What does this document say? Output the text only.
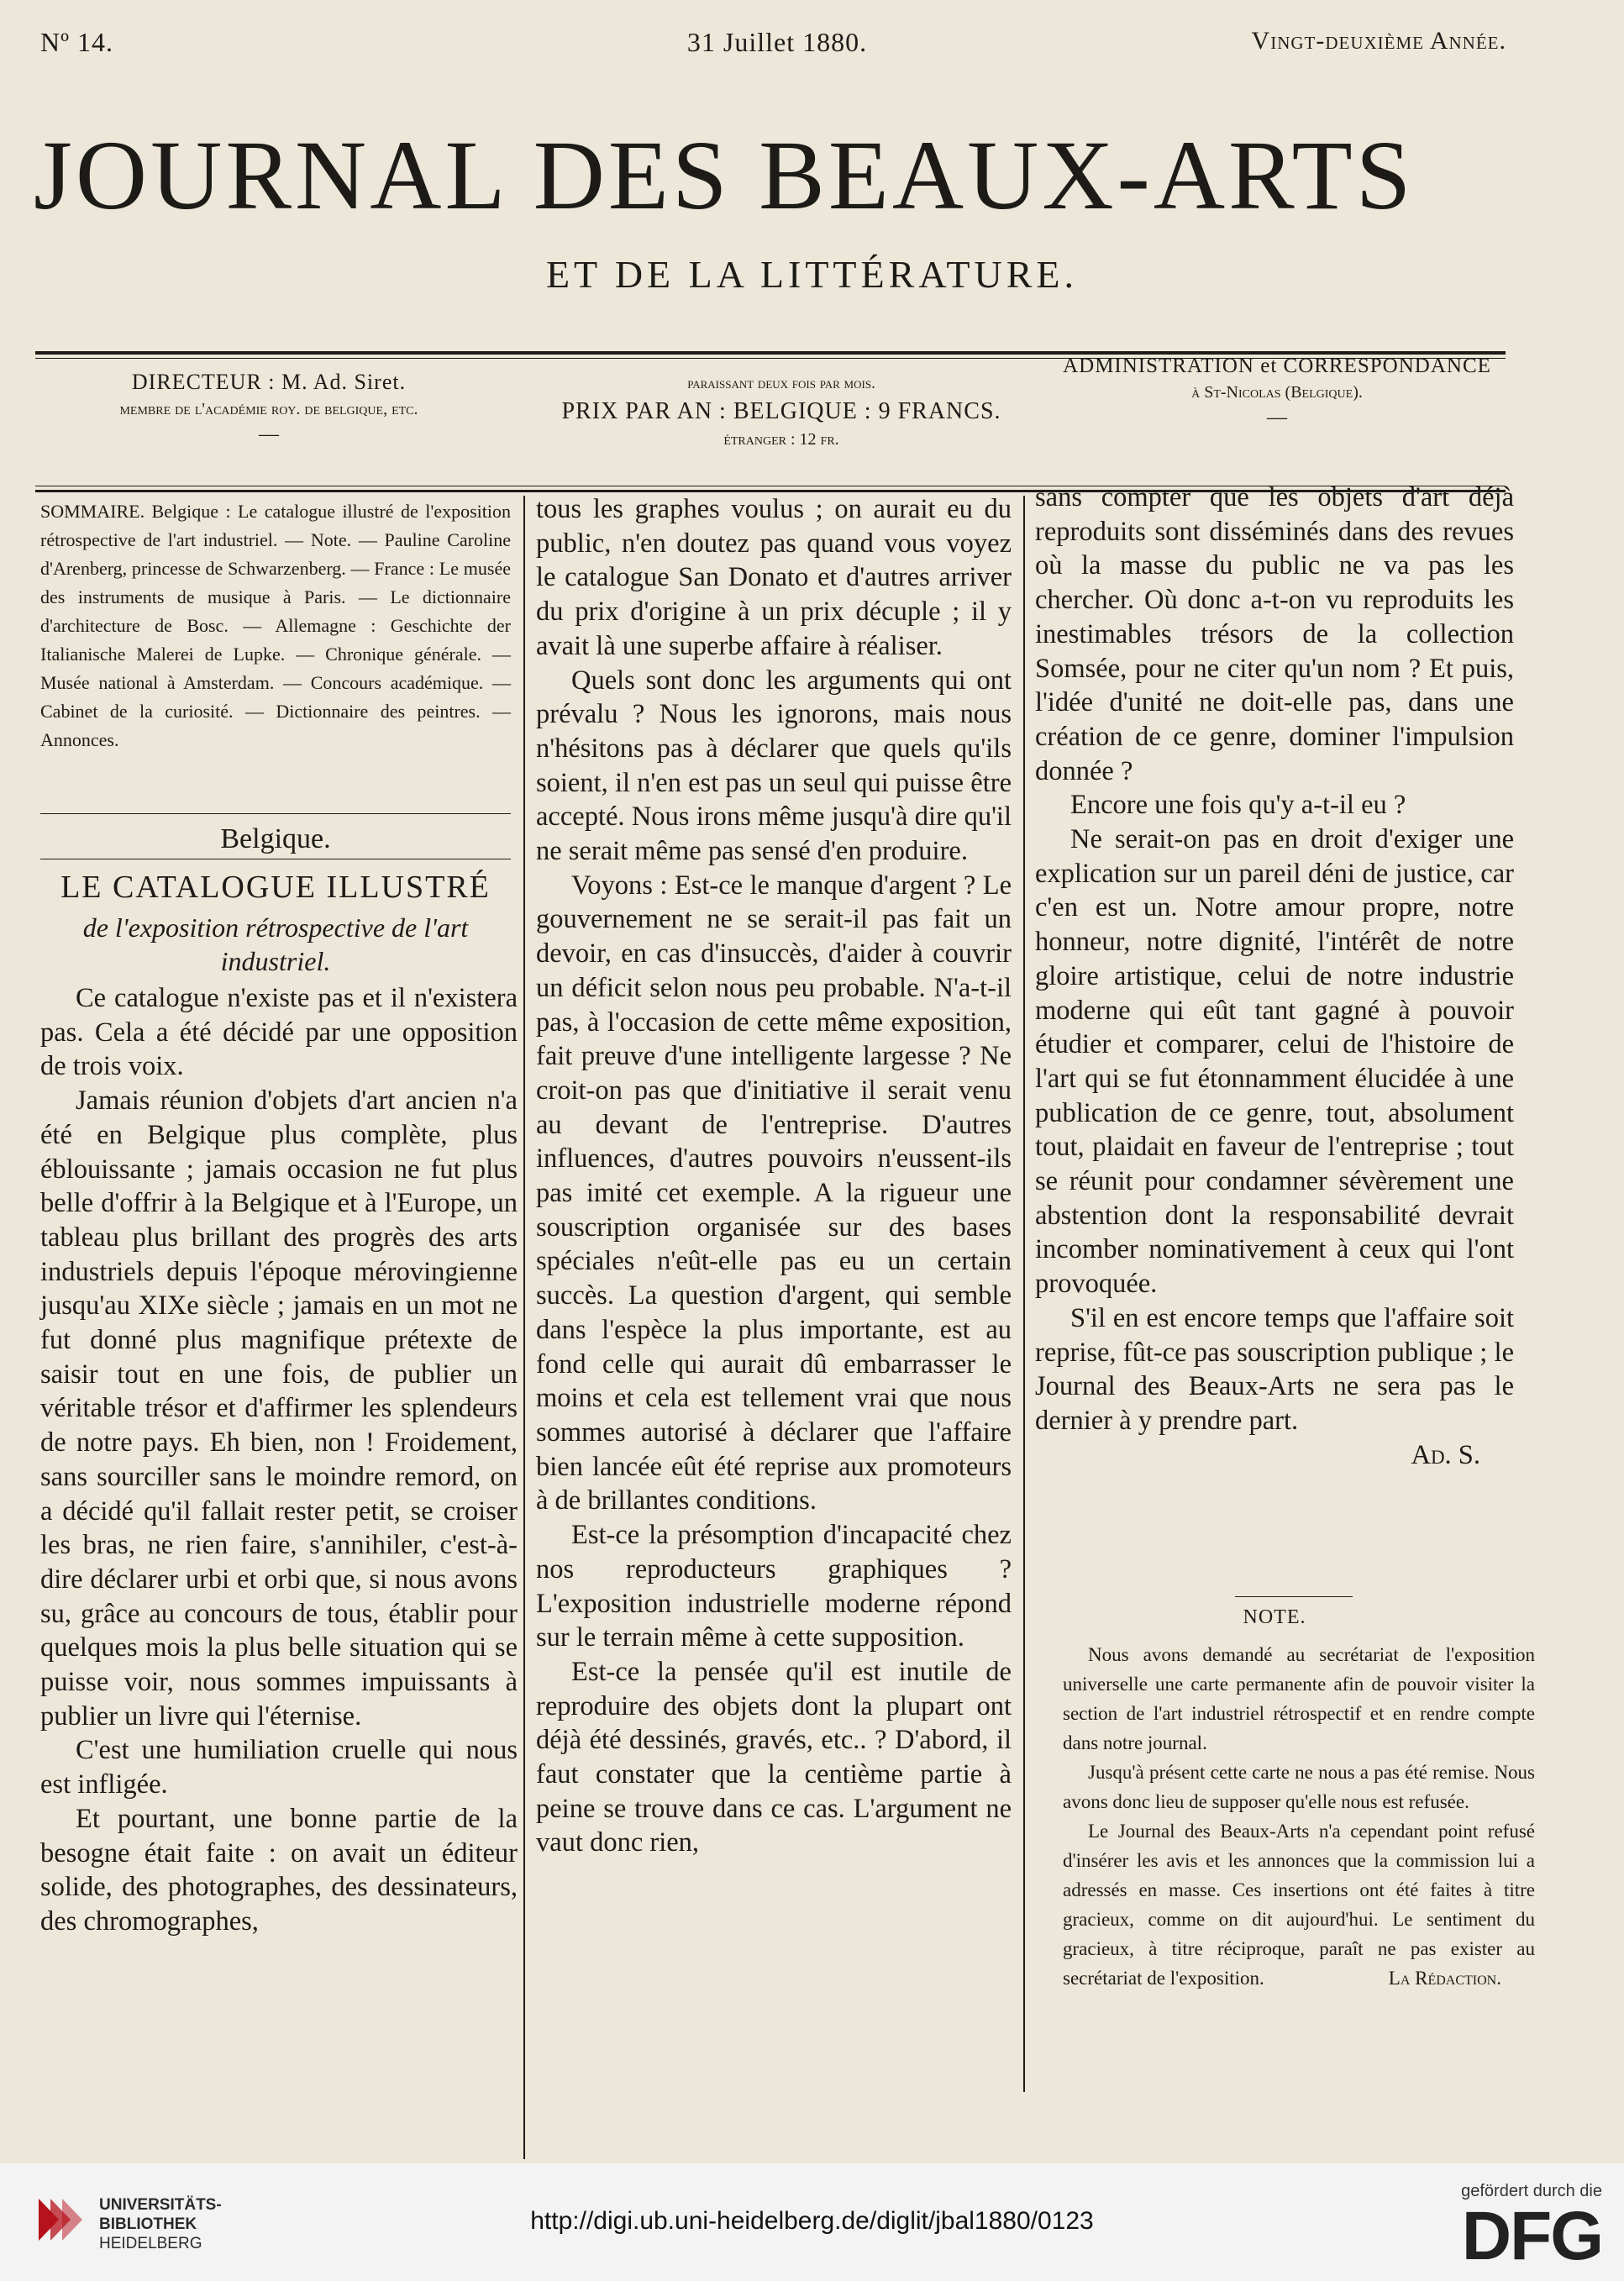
Nº 14.	31 Juillet 1880.	Vingt-deuxième Année.
JOURNAL DES BEAUX-ARTS
ET DE LA LITTÉRATURE.
DIRECTEUR : M. Ad. Siret.
membre de l'académie roy. de belgique, etc.
—
paraissant deux fois par mois.
PRIX PAR AN : BELGIQUE : 9 FRANCS.
étranger : 12 fr.
ADMINISTRATION et CORRESPONDANCE
à St-Nicolas (Belgique).
—
SOMMAIRE. Belgique : Le catalogue illustré de l'exposition rétrospective de l'art industriel. — Note. — Pauline Caroline d'Arenberg, princesse de Schwarzenberg. — France : Le musée des instruments de musique à Paris. — Le dictionnaire d'architecture de Bosc. — Allemagne : Geschichte der Italianische Malerei de Lupke. — Chronique générale. — Musée national à Amsterdam. — Concours académique. — Cabinet de la curiosité. — Dictionnaire des peintres. — Annonces.
Belgique.
LE CATALOGUE ILLUSTRÉ
de l'exposition rétrospective de l'art industriel.

Ce catalogue n'existe pas et il n'existera pas. Cela a été décidé par une opposition de trois voix.

Jamais réunion d'objets d'art ancien n'a été en Belgique plus complète, plus éblouissante ; jamais occasion ne fut plus belle d'offrir à la Belgique et à l'Europe, un tableau plus brillant des progrès des arts industriels depuis l'époque mérovingienne jusqu'au XIXe siècle ; jamais en un mot ne fut donné plus magnifique prétexte de saisir tout en une fois, de publier un véritable trésor et d'affirmer les splendeurs de notre pays. Eh bien, non ! Froidement, sans sourciller sans le moindre remord, on a décidé qu'il fallait rester petit, se croiser les bras, ne rien faire, s'annihiler, c'est-à-dire déclarer urbi et orbi que, si nous avons su, grâce au concours de tous, établir pour quelques mois la plus belle situation qui se puisse voir, nous sommes impuissants à publier un livre qui l'éternise.

C'est une humiliation cruelle qui nous est infligée.

Et pourtant, une bonne partie de la besogne était faite : on avait un éditeur solide, des photographes, des dessinateurs, des chromographes,

tous les graphes voulus ; on aurait eu du public, n'en doutez pas quand vous voyez le catalogue San Donato et d'autres arriver du prix d'origine à un prix décuple ; il y avait là une superbe affaire à réaliser.

Quels sont donc les arguments qui ont prévalu ? Nous les ignorons, mais nous n'hésitons pas à déclarer que quels qu'ils soient, il n'en est pas un seul qui puisse être accepté. Nous irons même jusqu'à dire qu'il ne serait même pas sensé d'en produire.

Voyons : Est-ce le manque d'argent ? Le gouvernement ne se serait-il pas fait un devoir, en cas d'insuccès, d'aider à couvrir un déficit selon nous peu probable. N'a-t-il pas, à l'occasion de cette même exposition, fait preuve d'une intelligente largesse ? Ne croit-on pas que d'initiative il serait venu au devant de l'entreprise. D'autres influences, d'autres pouvoirs n'eussent-ils pas imité cet exemple. A la rigueur une souscription organisée sur des bases spéciales n'eût-elle pas eu un certain succès. La question d'argent, qui semble dans l'espèce la plus importante, est au fond celle qui aurait dû embarrasser le moins et cela est tellement vrai que nous sommes autorisé à déclarer que l'affaire bien lancée eût été reprise aux promoteurs à de brillantes conditions.

Est-ce la présomption d'incapacité chez nos reproducteurs graphiques ? L'exposition industrielle moderne répond sur le terrain même à cette supposition.

Est-ce la pensée qu'il est inutile de reproduire des objets dont la plupart ont déjà été dessinés, gravés, etc.. ? D'abord, il faut constater que la centième partie à peine se trouve dans ce cas. L'argument ne vaut donc rien,

sans compter que les objets d'art déjà reproduits sont disséminés dans des revues où la masse du public ne va pas les chercher. Où donc a-t-on vu reproduits les inestimables trésors de la collection Somsée, pour ne citer qu'un nom ? Et puis, l'idée d'unité ne doit-elle pas, dans une création de ce genre, dominer l'impulsion donnée ?

Encore une fois qu'y a-t-il eu ?

Ne serait-on pas en droit d'exiger une explication sur un pareil déni de justice, car c'en est un. Notre amour propre, notre honneur, notre dignité, l'intérêt de notre gloire artistique, celui de notre industrie moderne qui eût tant gagné à pouvoir étudier et comparer, celui de l'histoire de l'art qui se fut étonnamment élucidée à une publication de ce genre, tout, absolument tout, plaidait en faveur de l'entreprise ; tout se réunit pour condamner sévèrement une abstention dont la responsabilité devrait incomber nominativement à ceux qui l'ont provoquée.

S'il en est encore temps que l'affaire soit reprise, fût-ce pas souscription publique ; le Journal des Beaux-Arts ne sera pas le dernier à y prendre part.

Ad. S.
NOTE.

Nous avons demandé au secrétariat de l'exposition universelle une carte permanente afin de pouvoir visiter la section de l'art industriel rétrospectif et en rendre compte dans notre journal.

Jusqu'à présent cette carte ne nous a pas été remise. Nous avons donc lieu de supposer qu'elle nous est refusée.

Le Journal des Beaux-Arts n'a cependant point refusé d'insérer les avis et les annonces que la commission lui a adressés en masse. Ces insertions ont été faites à titre gracieux, comme on dit aujourd'hui. Le sentiment du gracieux, à titre réciproque, paraît ne pas exister au secrétariat de l'exposition.	La Rédaction.
UNIVERSITÄTS-
BIBLIOTHEK
HEIDELBERG
http://digi.ub.uni-heidelberg.de/diglit/jbal1880/0123
gefördert durch die
DFG
